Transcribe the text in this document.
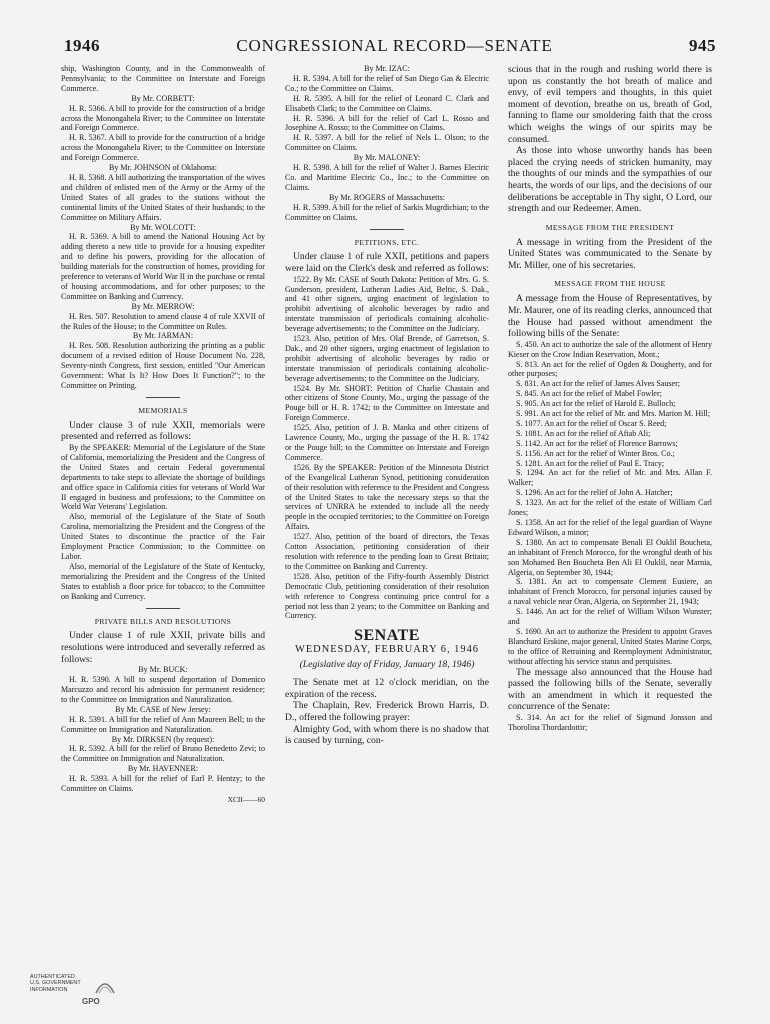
1946	CONGRESSIONAL RECORD—SENATE	945

ship, Washington County, and in the Commonwealth of Pennsylvania; to the Committee on Interstate and Foreign Commerce.

By Mr. CORBETT:

H. R. 5366. A bill to provide for the construction of a bridge across the Monongahela River; to the Committee on Interstate and Foreign Commerce.

H. R. 5367. A bill to provide for the construction of a bridge across the Monongahela River; to the Committee on Interstate and Foreign Commerce.

By Mr. JOHNSON of Oklahoma:

H. R. 5368. A bill authorizing the transportation of the wives and children of enlisted men of the Army or the Army of the United States of all grades to the stations without the continental limits of the United States of their husbands; to the Committee on Military Affairs.

By Mr. WOLCOTT:

H. R. 5369. A bill to amend the National Housing Act by adding thereto a new title to provide for a housing expediter and to define his powers, providing for the allocation of building materials for the construction of homes, providing for preference to veterans of World War II in the purchase or rental of housing accommodations, and for other purposes; to the Committee on Banking and Currency.

By Mr. MERROW:

H. Res. 507. Resolution to amend clause 4 of rule XXVII of the Rules of the House; to the Committee on Rules.

By Mr. JARMAN:

H. Res. 508. Resolution authorizing the printing as a public document of a revised edition of House Document No. 228, Seventy-ninth Congress, first session, entitled "Our American Government: What Is It? How Does It Function?"; to the Committee on Printing.

MEMORIALS

Under clause 3 of rule XXII, memorials were presented and referred as follows:

By the SPEAKER: Memorial of the Legislature of the State of California, memorializing the President and the Congress of the United States and certain Federal governmental departments to take steps to alleviate the shortage of buildings and office space in California cities for veterans of World War II engaged in business and professions; to the Committee on World War Veterans' Legislation.

Also, memorial of the Legislature of the State of South Carolina, memorializing the President and the Congress of the United States to discontinue the practice of the Fair Employment Practice Commission; to the Committee on Labor.

Also, memorial of the Legislature of the State of Kentucky, memorializing the President and the Congress of the United States to establish a floor price for tobacco; to the Committee on Banking and Currency.

PRIVATE BILLS AND RESOLUTIONS

Under clause 1 of rule XXII, private bills and resolutions were introduced and severally referred as follows:

By Mr. BUCK:

H. R. 5390. A bill to suspend deportation of Domenico Marcuzzo and record his admission for permanent residence; to the Committee on Immigration and Naturalization.

By Mr. CASE of New Jersey:

H. R. 5391. A bill for the relief of Ann Maureen Bell; to the Committee on Immigration and Naturalization.

By Mr. DIRKSEN (by request):

H. R. 5392. A bill for the relief of Bruno Benedetto Zevi; to the Committee on Immigration and Naturalization.

By Mr. HAVENNER:

H. R. 5393. A bill for the relief of Earl P. Hentzy; to the Committee on Claims.

XCII——60

By Mr. IZAC:

H. R. 5394. A bill for the relief of San Diego Gas & Electric Co.; to the Committee on Claims.

H. R. 5395. A bill for the relief of Leonard C. Clark and Elisabeth Clark; to the Committee on Claims.

H. R. 5396. A bill for the relief of Carl L. Rosso and Josephine A. Rosso; to the Committee on Claims.

H. R. 5397. A bill for the relief of Nels L. Olson; to the Committee on Claims.

By Mr. MALONEY:

H. R. 5398. A bill for the relief of Walter J. Barnes Electric Co. and Maritime Electric Co., Inc.; to the Committee on Claims.

By Mr. ROGERS of Massachusetts:

H. R. 5399. A bill for the relief of Sarkis Mugrdichian; to the Committee on Claims.

PETITIONS, ETC.

Under clause 1 of rule XXII, petitions and papers were laid on the Clerk's desk and referred as follows:

1522. By Mr. CASE of South Dakota: Petition of Mrs. G. S. Gunderson, president, Lutheran Ladies Aid, Beltic, S. Dak., and 41 other signers, urging enactment of legislation to prohibit advertising of alcoholic beverages by radio and interstate transmission of periodicals containing alcoholic-beverage advertisements; to the Committee on the Judiciary.

1523. Also, petition of Mrs. Olaf Brende, of Garretson, S. Dak., and 20 other signers, urging enactment of legislation to prohibit advertising of alcoholic beverages by radio or interstate transmission of periodicals containing alcoholic-beverage advertisements; to the Committee on the Judiciary.

1524. By Mr. SHORT: Petition of Charlie Chastain and other citizens of Stone County, Mo., urging the passage of the Pouge bill or H. R. 1742; to the Committee on Interstate and Foreign Commerce.

1525. Also, petition of J. B. Manka and other citizens of Lawrence County, Mo., urging the passage of the H. R. 1742 or the Pouge bill; to the Committee on Interstate and Foreign Commerce.

1526. By the SPEAKER: Petition of the Minnesota District of the Evangelical Lutheran Synod, petitioning consideration of their resolution with reference to the President and Congress of the United States to take the necessary steps so that the services of UNRRA be extended to include all the needy people in the occupied territories; to the Committee on Foreign Affairs.

1527. Also, petition of the board of directors, the Texas Cotton Association, petitioning consideration of their resolution with reference to the pending loan to Great Britain; to the Committee on Banking and Currency.

1528. Also, petition of the Fifty-fourth Assembly District Democratic Club, petitioning consideration of their resolution with reference to Congress continuing price control for a period not less than 2 years; to the Committee on Banking and Currency.

SENATE
WEDNESDAY, FEBRUARY 6, 1946
(Legislative day of Friday, January 18, 1946)

The Senate met at 12 o'clock meridian, on the expiration of the recess.

The Chaplain, Rev. Frederick Brown Harris, D. D., offered the following prayer:

Almighty God, with whom there is no shadow that is caused by turning, con-

scious that in the rough and rushing world there is upon us constantly the hot breath of malice and envy, of evil tempers and thoughts, in this quiet moment of devotion, breathe on us, breath of God, fanning to flame our smoldering faith that the cross which weighs the wings of our spirits may be consumed.

As those into whose unworthy hands has been placed the crying needs of stricken humanity, may the thoughts of our minds and the sympathies of our hearts, the words of our lips, and the decisions of our deliberations be acceptable in Thy sight, O Lord, our strength and our Redeemer. Amen.

MESSAGE FROM THE PRESIDENT

A message in writing from the President of the United States was communicated to the Senate by Mr. Miller, one of his secretaries.

MESSAGE FROM THE HOUSE

A message from the House of Representatives, by Mr. Maurer, one of its reading clerks, announced that the House had passed without amendment the following bills of the Senate:

S. 450. An act to authorize the sale of the allotment of Henry Kieser on the Crow Indian Reservation, Mont.;

S. 813. An act for the relief of Ogden & Dougherty, and for other purposes;

S. 831. An act for the relief of James Alves Sauser;

S. 845. An act for the relief of Mabel Fowler;

S. 905. An act for the relief of Harold E. Bulloch;

S. 991. An act for the relief of Mr. and Mrs. Marion M. Hill;

S. 1077. An act for the relief of Oscar S. Reed;

S. 1081. An act for the relief of Aftab Ali;

S. 1142. An act for the relief of Florence Barrows;

S. 1156. An act for the relief of Winter Bros. Co.;

S. 1281. An act for the relief of Paul E. Tracy;

S. 1294. An act for the relief of Mr. and Mrs. Allan F. Walker;

S. 1296. An act for the relief of John A. Hatcher;

S. 1323. An act for the relief of the estate of William Carl Jones;

S. 1358. An act for the relief of the legal guardian of Wayne Edward Wilson, a minor;

S. 1380. An act to compensate Benali El Ouklil Boucheta, an inhabitant of French Morocco, for the wrongful death of his son Mohamed Ben Boucheta Ben Ali El Ouklil, near Marnia, Algeria, on September 30, 1944;

S. 1381. An act to compensate Clement Eusiere, an inhabitant of French Morocco, for personal injuries caused by a naval vehicle near Oran, Algeria, on September 21, 1943;

S. 1446. An act for the relief of William Wilson Wunster; and

S. 1690. An act to authorize the President to appoint Graves Blanchard Erskine, major general, United States Marine Corps, to the office of Retraining and Reemployment Administrator, without affecting his service status and perquisites.

The message also announced that the House had passed the following bills of the Senate, severally with an amendment in which it requested the concurrence of the Senate:

S. 314. An act for the relief of Sigmund Jonsson and Thorolina Thordardottir;

AUTHENTICATED
U.S. GOVERNMENT
INFORMATION
GPO
